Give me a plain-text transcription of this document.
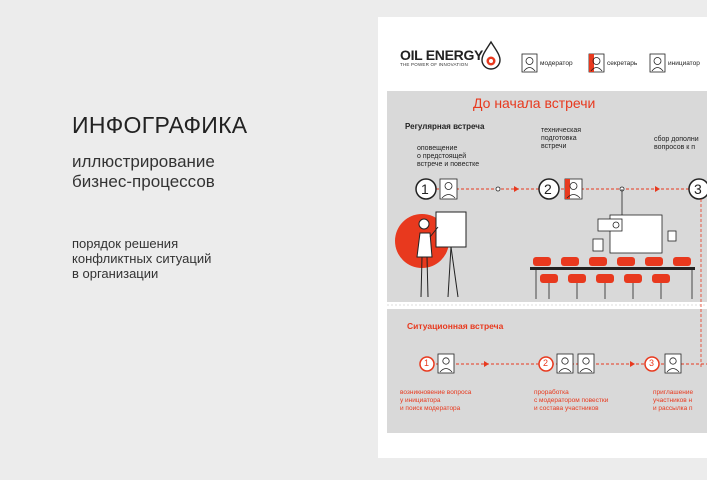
ИНФОГРАФИКА
иллюстрирование
бизнес-процессов
порядок решения
конфликтных ситуаций
в организации
OIL ENERGY
THE POWER OF INNOVATION	модератор	секретарь	инициатор
До начала встречи
Регулярная встреча
оповещение
о предстоящей
встрече и повестке
техническая
подготовка
встречи
сбор дополни
вопросов к п
1	2	3
Ситуационная встреча
1	2	3
возникновение вопроса
у инициатора
и поиск модератора
проработка
с модератором повестки
и состава участников
приглашение
участников н
и рассылка п
